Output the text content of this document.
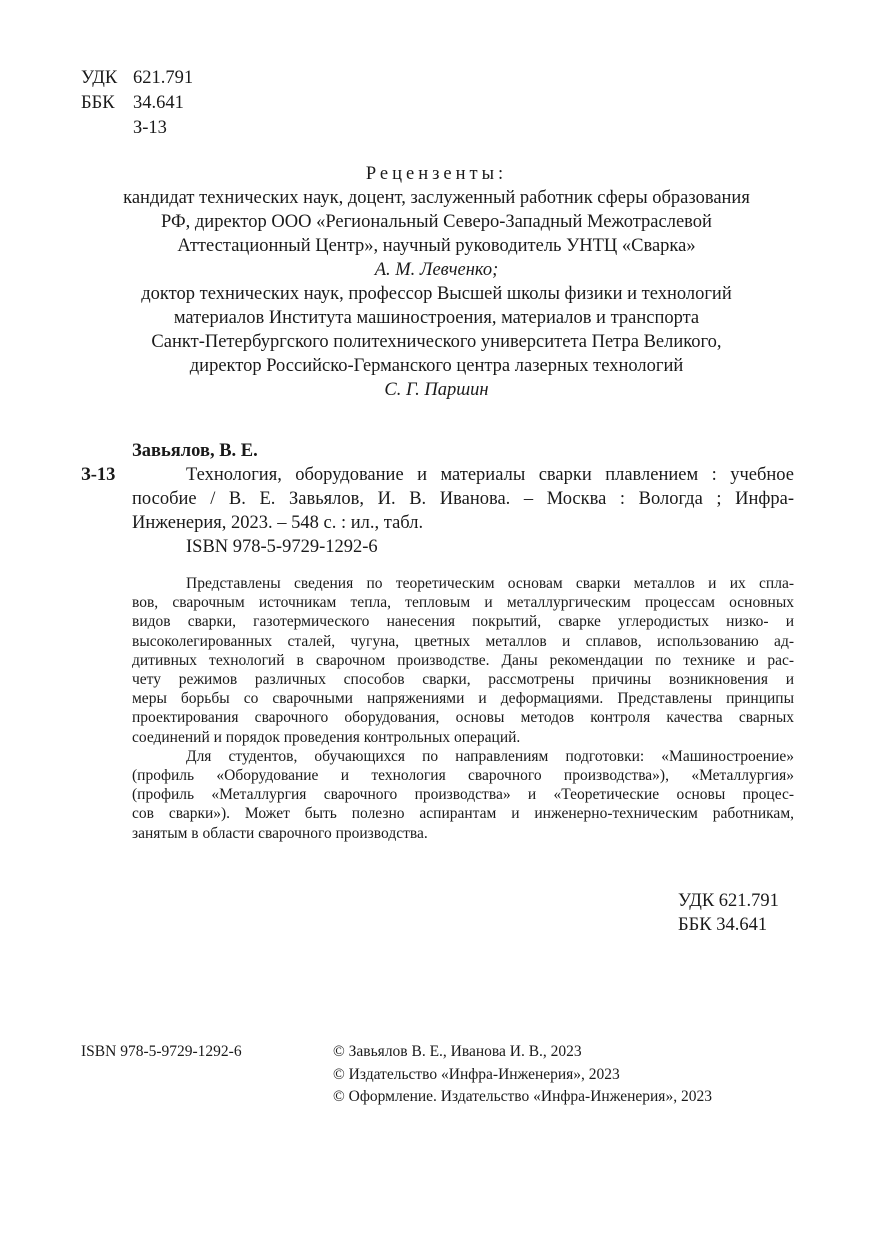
УДК 621.791
ББК 34.641
З-13
Рецензенты:
кандидат технических наук, доцент, заслуженный работник сферы образования
РФ, директор ООО «Региональный Северо-Западный Межотраслевой
Аттестационный Центр», научный руководитель УНТЦ «Сварка»
А. М. Левченко;
доктор технических наук, профессор Высшей школы физики и технологий
материалов Института машиностроения, материалов и транспорта
Санкт-Петербургского политехнического университета Петра Великого,
директор Российско-Германского центра лазерных технологий
С. Г. Паршин
Завьялов, В. Е.
З-13	Технология, оборудование и материалы сварки плавлением : учебное
пособие / В. Е. Завьялов, И. В. Иванова. – Москва : Вологда ; Инфра-
Инженерия, 2023. – 548 с. : ил., табл.
ISBN 978-5-9729-1292-6
Представлены сведения по теоретическим основам сварки металлов и их спла-
вов, сварочным источникам тепла, тепловым и металлургическим процессам основных
видов сварки, газотермического нанесения покрытий, сварке углеродистых низко- и
высоколегированных сталей, чугуна, цветных металлов и сплавов, использованию ад-
дитивных технологий в сварочном производстве. Даны рекомендации по технике и рас-
чету режимов различных способов сварки, рассмотрены причины возникновения и
меры борьбы со сварочными напряжениями и деформациями. Представлены принципы
проектирования сварочного оборудования, основы методов контроля качества сварных
соединений и порядок проведения контрольных операций.
Для студентов, обучающихся по направлениям подготовки: «Машиностроение»
(профиль «Оборудование и технология сварочного производства»), «Металлургия»
(профиль «Металлургия сварочного производства» и «Теоретические основы процес-
сов сварки»). Может быть полезно аспирантам и инженерно-техническим работникам,
занятым в области сварочного производства.
УДК 621.791
ББК 34.641
ISBN 978-5-9729-1292-6	© Завьялов В. Е., Иванова И. В., 2023
© Издательство «Инфра-Инженерия», 2023
© Оформление. Издательство «Инфра-Инженерия», 2023
